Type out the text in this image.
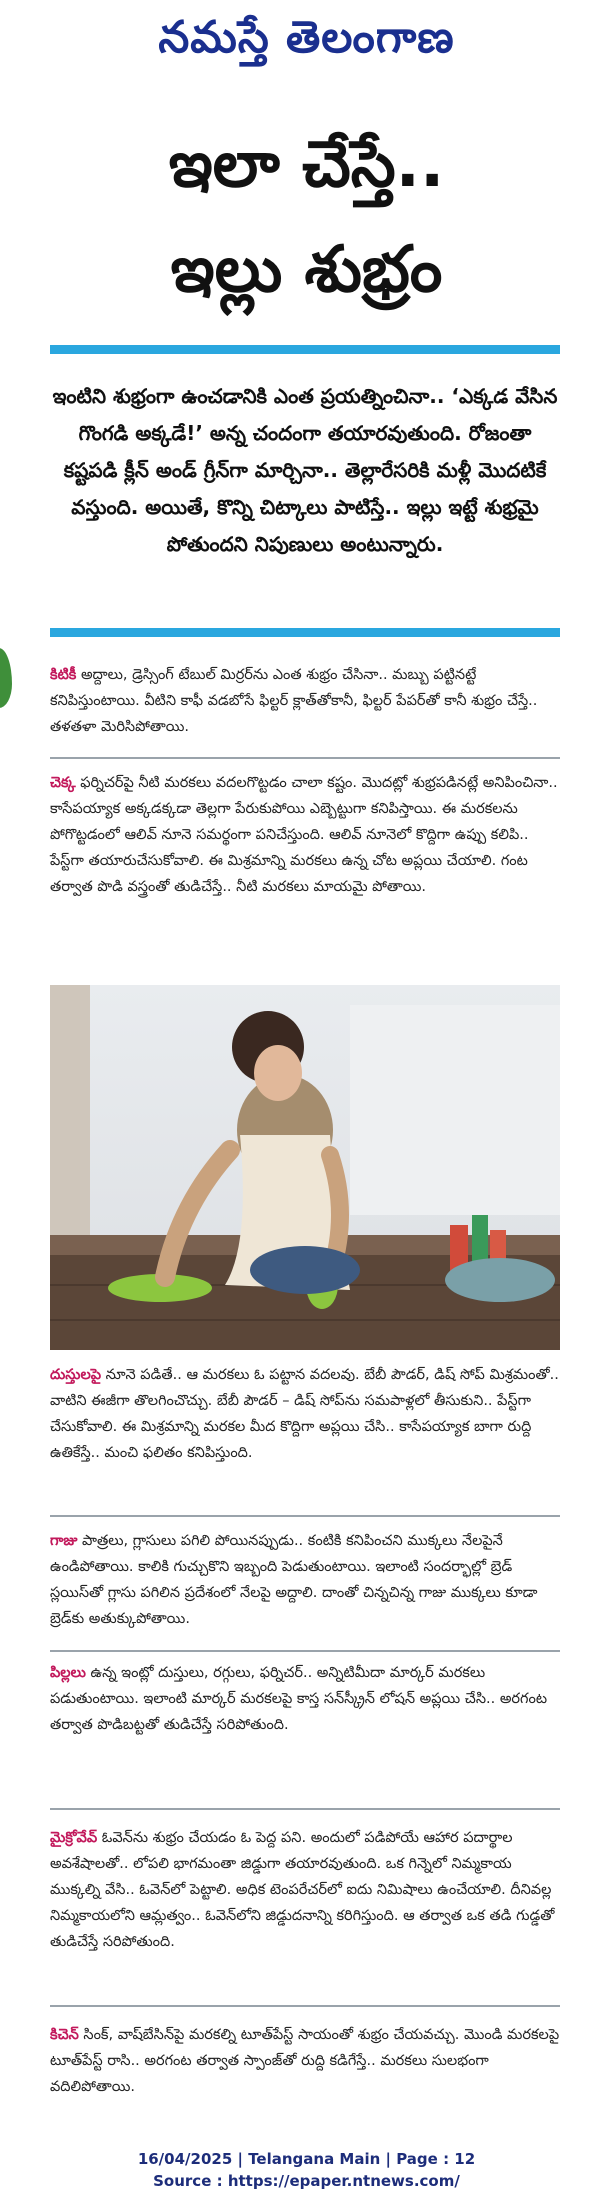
నమస్తే తెలంగాణ
ఇలా చేస్తే..
ఇల్లు శుభ్రం
ఇంటిని శుభ్రంగా ఉంచడానికి ఎంత ప్రయత్నించినా.. ‘ఎక్కడ వేసిన గొంగడి అక్కడే!’ అన్న చందంగా తయారవుతుంది. రోజంతా కష్టపడి క్లీన్ అండ్ గ్రీన్‌గా మార్చినా.. తెల్లారేసరికి మళ్లీ మొదటికే వస్తుంది. అయితే, కొన్ని చిట్కాలు పాటిస్తే.. ఇల్లు ఇట్టే శుభ్రమై పోతుందని నిపుణులు అంటున్నారు.

కిటికీ అద్దాలు, డ్రెస్సింగ్ టేబుల్ మిర్రర్‌ను ఎంత శుభ్రం చేసినా.. మబ్బు పట్టినట్టే కనిపిస్తుంటాయి. వీటిని కాఫీ వడబోసే ఫిల్టర్ క్లాత్‌తోకానీ, ఫిల్టర్ పేపర్‌తో కానీ శుభ్రం చేస్తే.. తళతళా మెరిసిపోతాయి.

చెక్క ఫర్నిచర్‌పై నీటి మరకలు వదలగొట్టడం చాలా కష్టం. మొదట్లో శుభ్రపడినట్లే అనిపించినా.. కాసేపయ్యాక అక్కడక్కడా తెల్లగా పేరుకుపోయి ఎబ్బెట్టుగా కనిపిస్తాయి. ఈ మరకలను పోగొట్టడంలో ఆలివ్ నూనె సమర్థంగా పనిచేస్తుంది. ఆలివ్ నూనెలో కొద్దిగా ఉప్పు కలిపి.. పేస్ట్‌గా తయారుచేసుకోవాలి. ఈ మిశ్రమాన్ని మరకలు ఉన్న చోట అప్లయి చేయాలి. గంట తర్వాత పొడి వస్త్రంతో తుడిచేస్తే.. నీటి మరకలు మాయమై పోతాయి.

దుస్తులపై నూనె పడితే.. ఆ మరకలు ఓ పట్టాన వదలవు. బేబీ పౌడర్, డిష్ సోప్ మిశ్రమంతో.. వాటిని ఈజీగా తొలగించొచ్చు. బేబీ పౌడర్ – డిష్ సోప్‌ను సమపాళ్లలో తీసుకుని.. పేస్ట్‌గా చేసుకోవాలి. ఈ మిశ్రమాన్ని మరకల మీద కొద్దిగా అప్లయి చేసి.. కాసేపయ్యాక బాగా రుద్ది ఉతికేస్తే.. మంచి ఫలితం కనిపిస్తుంది.

గాజు పాత్రలు, గ్లాసులు పగిలి పోయినప్పుడు.. కంటికి కనిపించని ముక్కలు నేలపైనే ఉండిపోతాయి. కాలికి గుచ్చుకొని ఇబ్బంది పెడుతుంటాయి. ఇలాంటి సందర్భాల్లో బ్రెడ్ స్లయిస్‌తో గ్లాసు పగిలిన ప్రదేశంలో నేలపై అద్దాలి. దాంతో చిన్నచిన్న గాజు ముక్కలు కూడా బ్రెడ్‌కు అతుక్కుపోతాయి.

పిల్లలు ఉన్న ఇంట్లో దుస్తులు, రగ్గులు, ఫర్నిచర్.. అన్నిటిమీదా మార్కర్ మరకలు పడుతుంటాయి. ఇలాంటి మార్కర్ మరకలపై కాస్త సన్‌స్క్రీన్ లోషన్ అప్లయి చేసి.. అరగంట తర్వాత పొడిబట్టతో తుడిచేస్తే సరిపోతుంది.

మైక్రోవేవ్ ఓవెన్‌ను శుభ్రం చేయడం ఓ పెద్ద పని. అందులో పడిపోయే ఆహార పదార్థాల అవశేషాలతో.. లోపలి భాగమంతా జిడ్డుగా తయారవుతుంది. ఒక గిన్నెలో నిమ్మకాయ ముక్కల్ని వేసి.. ఓవెన్‌లో పెట్టాలి. అధిక టెంపరేచర్‌లో ఐదు నిమిషాలు ఉంచేయాలి. దీనివల్ల నిమ్మకాయలోని ఆమ్లత్వం.. ఓవెన్‌లోని జిడ్డుదనాన్ని కరిగిస్తుంది. ఆ తర్వాత ఒక తడి గుడ్డతో తుడిచేస్తే సరిపోతుంది.

కిచెన్ సింక్, వాష్‌బేసిన్‌పై మరకల్ని టూత్‌పేస్ట్ సాయంతో శుభ్రం చేయవచ్చు. మొండి మరకలపై టూత్‌పేస్ట్ రాసి.. అరగంట తర్వాత స్పాంజ్‌తో రుద్ది కడిగేస్తే.. మరకలు సులభంగా వదిలిపోతాయి.

16/04/2025 | Telangana Main | Page : 12
Source : https://epaper.ntnews.com/
